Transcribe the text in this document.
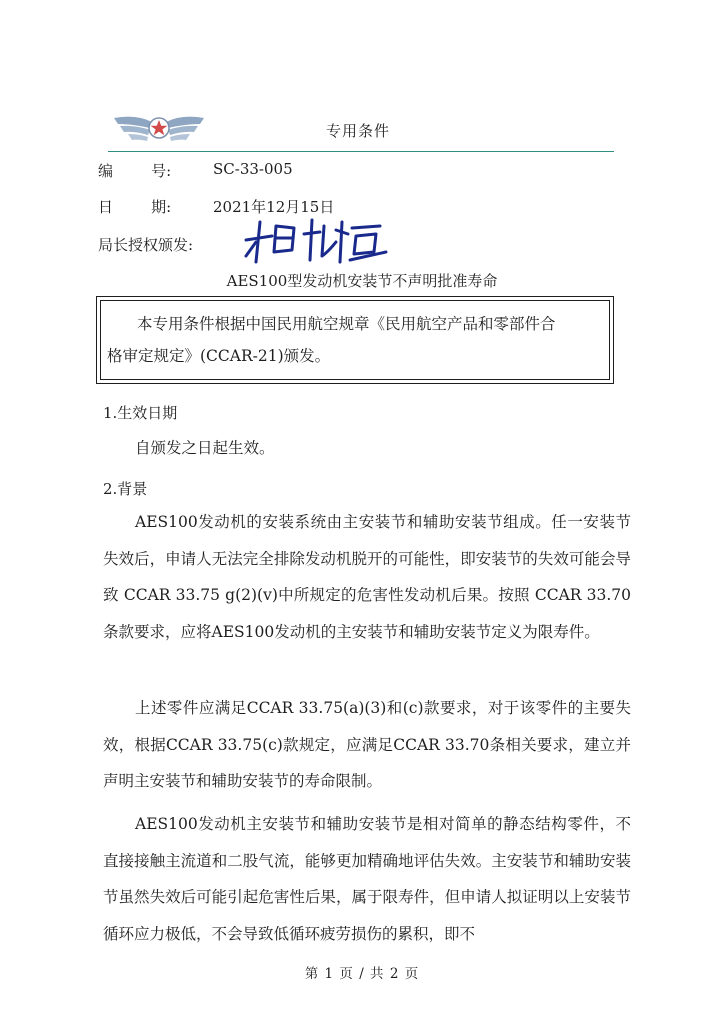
专用条件
编        号:	SC-33-005
日        期:	2021年12月15日
局长授权颁发:
AES100型发动机安装节不声明批准寿命

本专用条件根据中国民用航空规章《民用航空产品和零部件合

格审定规定》(CCAR-21)颁发。

1.生效日期

自颁发之日起生效。

2.背景

AES100发动机的安装系统由主安装节和辅助安装节组成。任一安装节失效后，申请人无法完全排除发动机脱开的可能性，即安装节的失效可能会导致 CCAR 33.75 g(2)(v)中所规定的危害性发动机后果。按照 CCAR 33.70条款要求，应将AES100发动机的主安装节和辅助安装节定义为限寿件。

上述零件应满足CCAR 33.75(a)(3)和(c)款要求，对于该零件的主要失效，根据CCAR 33.75(c)款规定，应满足CCAR 33.70条相关要求，建立并声明主安装节和辅助安装节的寿命限制。

AES100发动机主安装节和辅助安装节是相对简单的静态结构零件，不直接接触主流道和二股气流，能够更加精确地评估失效。主安装节和辅助安装节虽然失效后可能引起危害性后果，属于限寿件，但申请人拟证明以上安装节循环应力极低，不会导致低循环疲劳损伤的累积，即不

第 1 页 / 共 2 页
